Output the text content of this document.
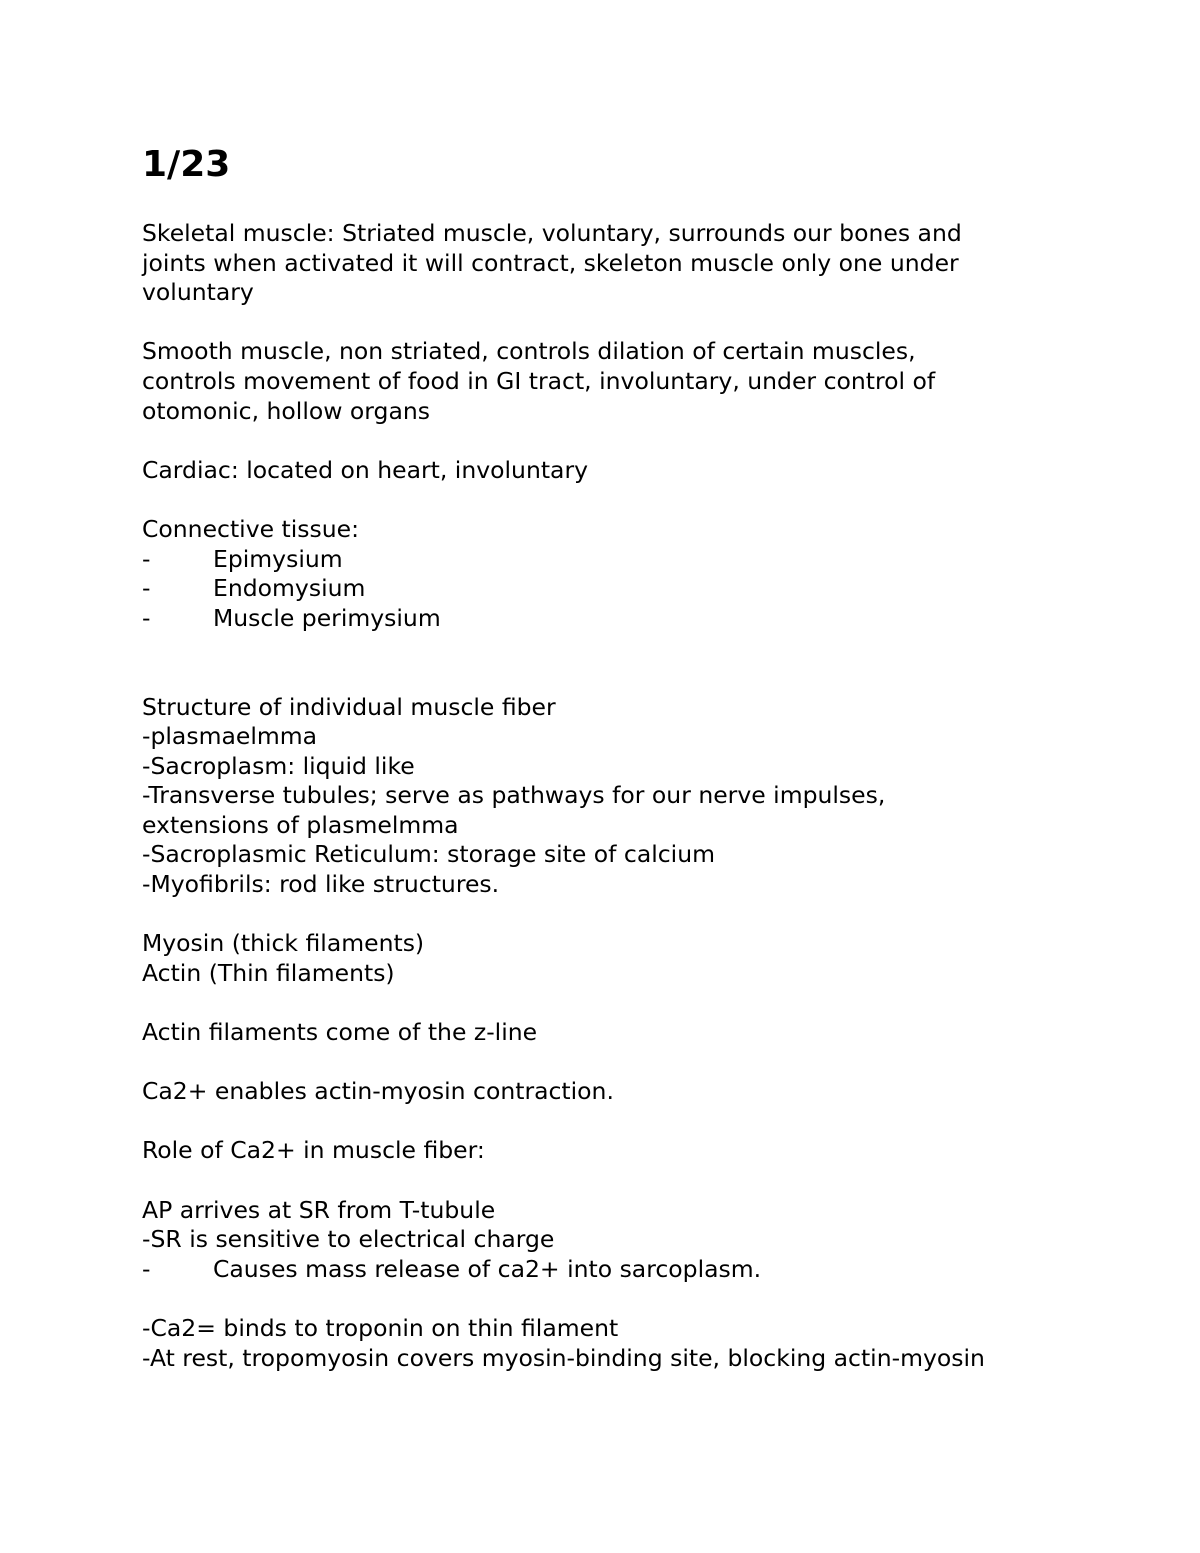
1/23
Skeletal muscle: Striated muscle, voluntary, surrounds our bones and
joints when activated it will contract, skeleton muscle only one under
voluntary
Smooth muscle, non striated, controls dilation of certain muscles,
controls movement of food in GI tract, involuntary, under control of
otomonic, hollow organs
Cardiac: located on heart, involuntary
Connective tissue:
-	Epimysium
-	Endomysium
-	Muscle perimysium
Structure of individual muscle fiber
-plasmaelmma
-Sacroplasm: liquid like
-Transverse tubules; serve as pathways for our nerve impulses,
extensions of plasmelmma
-Sacroplasmic Reticulum: storage site of calcium
-Myofibrils: rod like structures.
Myosin (thick filaments)
Actin (Thin filaments)
Actin filaments come of the z-line
Ca2+ enables actin-myosin contraction.
Role of Ca2+ in muscle fiber:
AP arrives at SR from T-tubule
-SR is sensitive to electrical charge
-	Causes mass release of ca2+ into sarcoplasm.
-Ca2= binds to troponin on thin filament
-At rest, tropomyosin covers myosin-binding site, blocking actin-myosin
